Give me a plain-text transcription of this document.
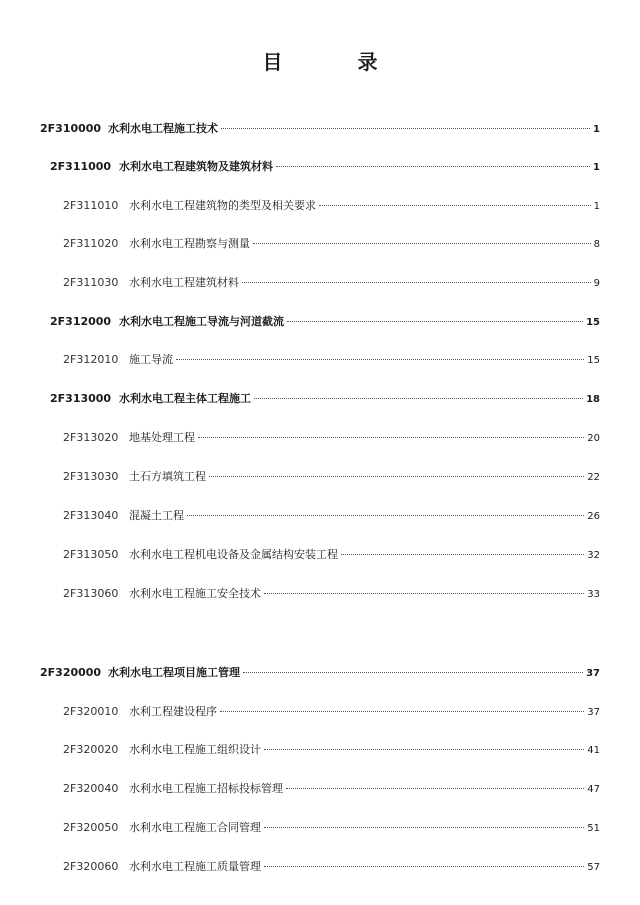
目 录
2F310000 水利水电工程施工技术	1
2F311000 水利水电工程建筑物及建筑材料	1
2F311010 水利水电工程建筑物的类型及相关要求	1
2F311020 水利水电工程勘察与测量	8
2F311030 水利水电工程建筑材料	9
2F312000 水利水电工程施工导流与河道截流	15
2F312010 施工导流	15
2F313000 水利水电工程主体工程施工	18
2F313020 地基处理工程	20
2F313030 土石方填筑工程	22
2F313040 混凝土工程	26
2F313050 水利水电工程机电设备及金属结构安装工程	32
2F313060 水利水电工程施工安全技术	33
2F320000 水利水电工程项目施工管理	37
2F320010 水利工程建设程序	37
2F320020 水利水电工程施工组织设计	41
2F320040 水利水电工程施工招标投标管理	47
2F320050 水利水电工程施工合同管理	51
2F320060 水利水电工程施工质量管理	57
